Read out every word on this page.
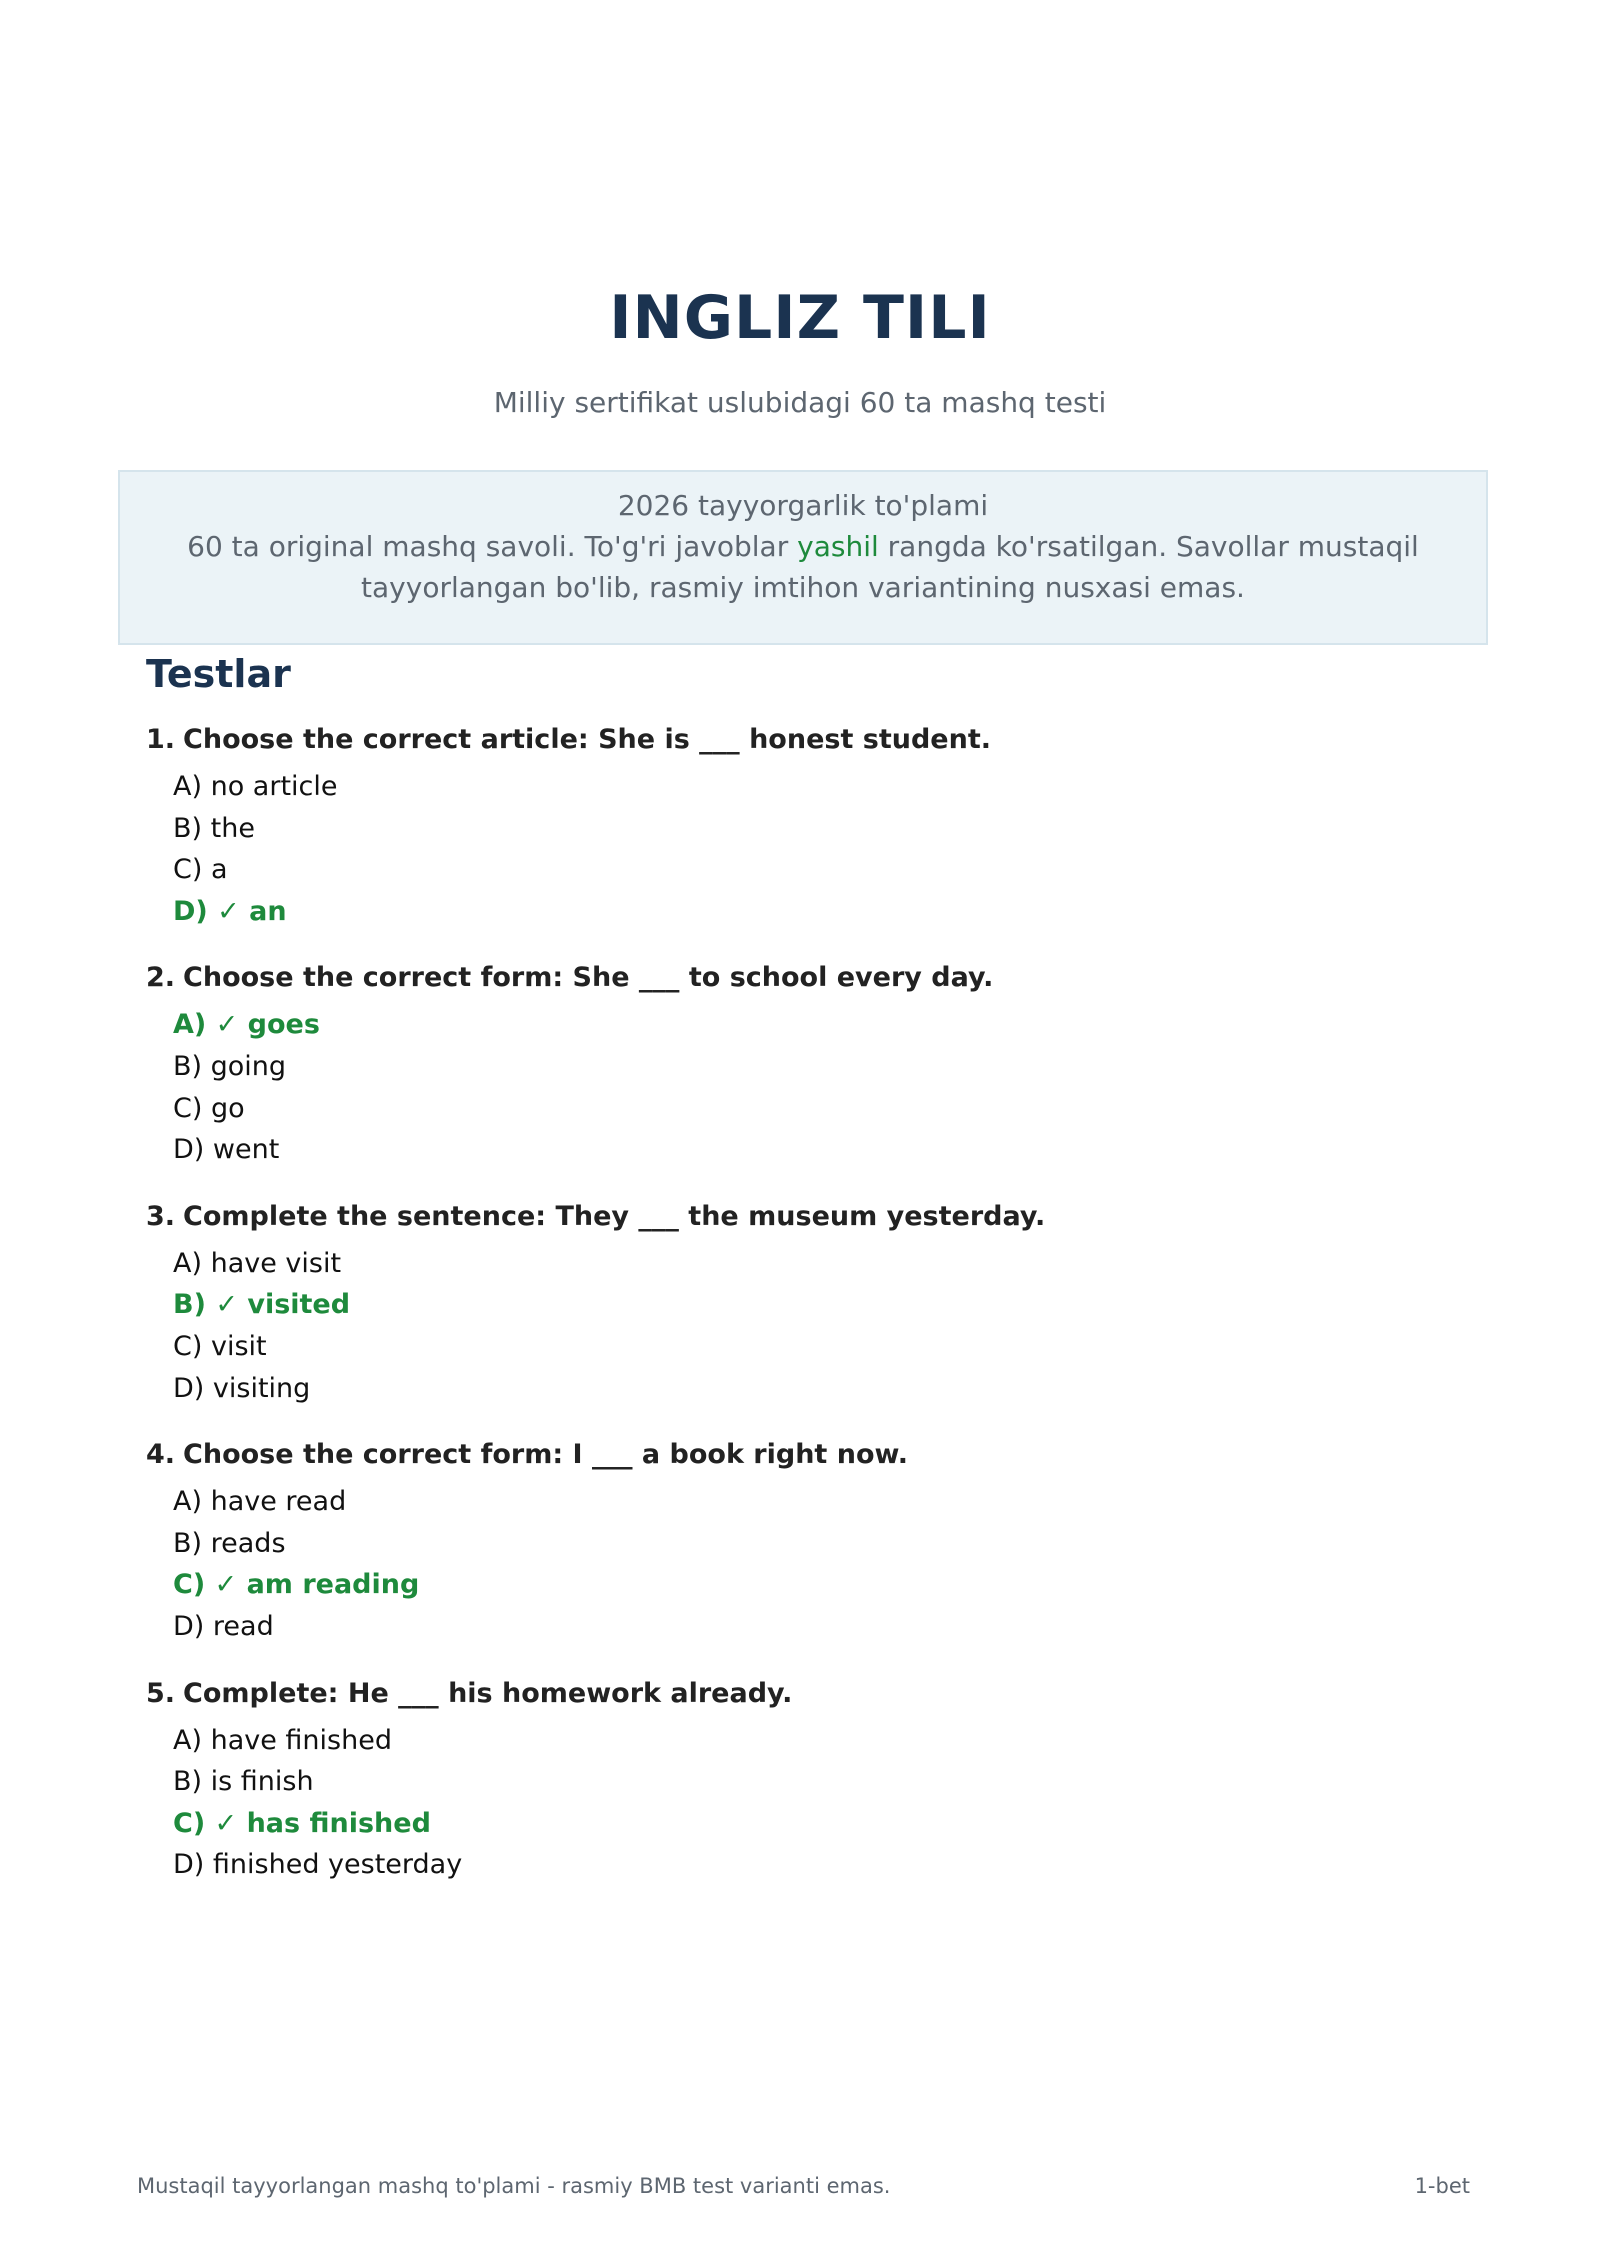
INGLIZ TILI
Milliy sertifikat uslubidagi 60 ta mashq testi
2026 tayyorgarlik to'plami
60 ta original mashq savoli. To'g'ri javoblar yashil rangda ko'rsatilgan. Savollar mustaqil
tayyorlangan bo'lib, rasmiy imtihon variantining nusxasi emas.
Testlar
1. Choose the correct article: She is ___ honest student.
A) no article
B) the
C) a
D) ✓ an
2. Choose the correct form: She ___ to school every day.
A) ✓ goes
B) going
C) go
D) went
3. Complete the sentence: They ___ the museum yesterday.
A) have visit
B) ✓ visited
C) visit
D) visiting
4. Choose the correct form: I ___ a book right now.
A) have read
B) reads
C) ✓ am reading
D) read
5. Complete: He ___ his homework already.
A) have finished
B) is finish
C) ✓ has finished
D) finished yesterday
Mustaqil tayyorlangan mashq to'plami - rasmiy BMB test varianti emas.	1-bet
